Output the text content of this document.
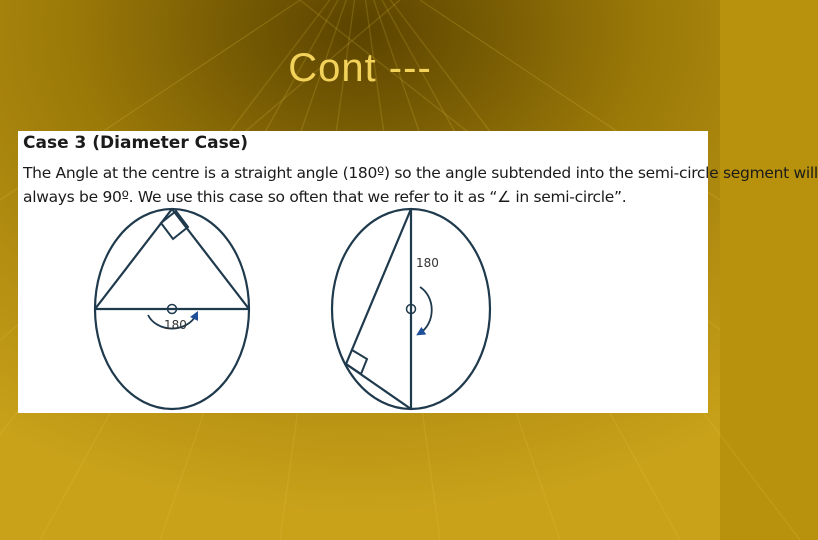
Cont ---
Case 3 (Diameter Case)
The Angle at the centre is a straight angle (180º) so the angle subtended into the semi-circle segment will
always be 90º. We use this case so often that we refer to it as “∠ in semi-circle”.
180
180
